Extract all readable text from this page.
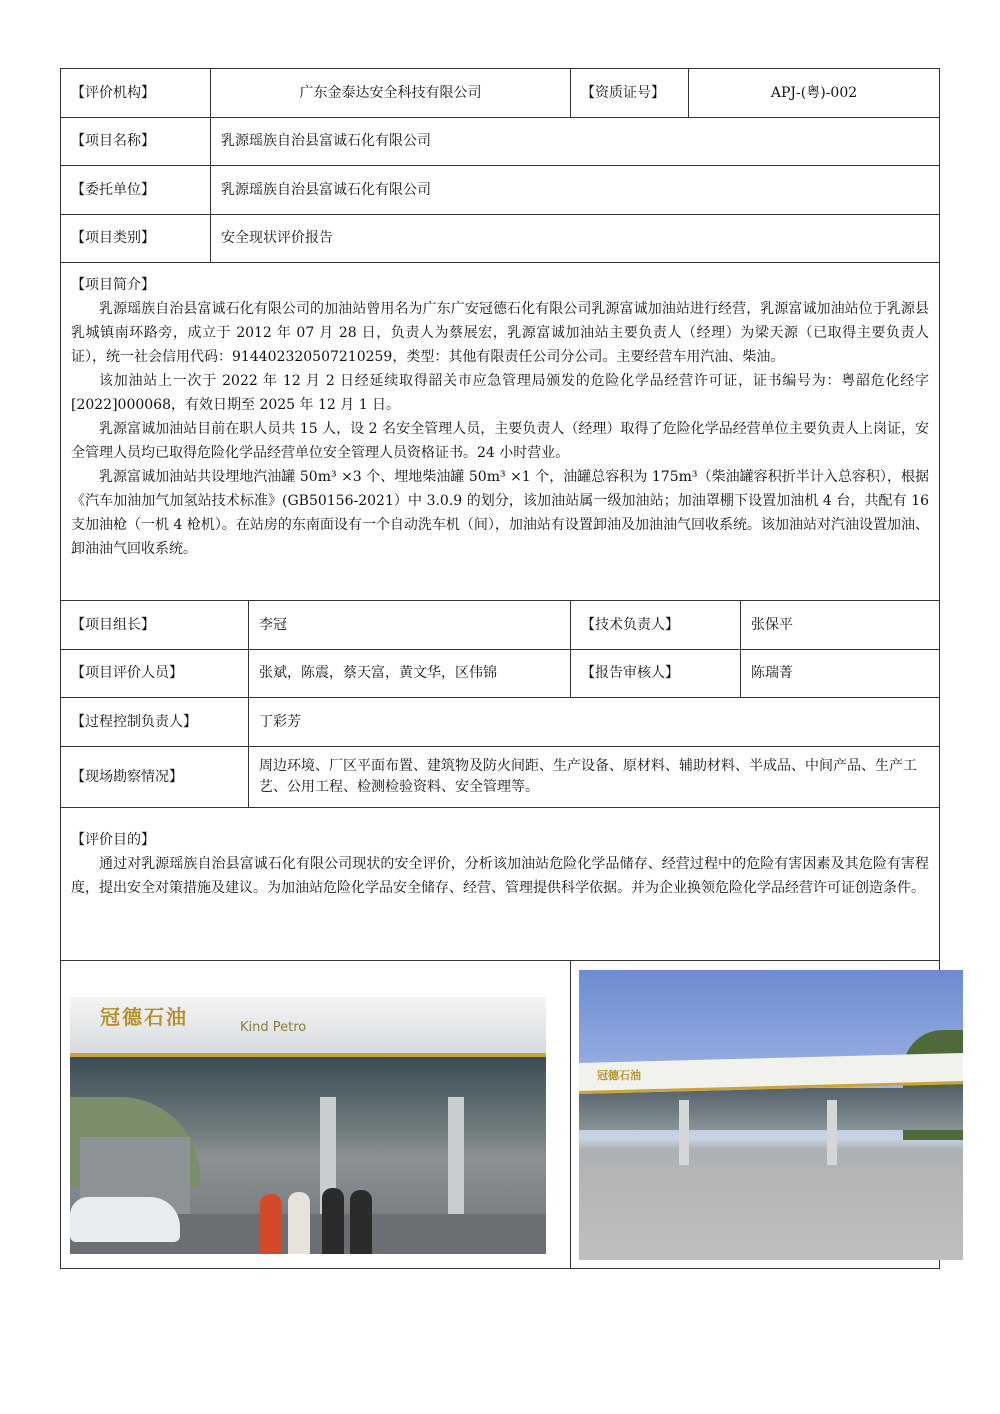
【评价机构】	广东金泰达安全科技有限公司		【资质证号】	APJ-(粤)-002	
【项目名称】	乳源瑶族自治县富诚石化有限公司				
【委托单位】	乳源瑶族自治县富诚石化有限公司				
【项目类别】	安全现状评价报告				

【项目简介】

乳源瑶族自治县富诚石化有限公司的加油站曾用名为广东广安冠德石化有限公司乳源富诚加油站进行经营，乳源富诚加油站位于乳源县乳城镇南环路旁，成立于 2012 年 07 月 28 日，负责人为蔡展宏，乳源富诚加油站主要负责人（经理）为梁天源（已取得主要负责人证），统一社会信用代码：91440232050721025​9，类型：其他有限责任公司分公司。主要经营车用汽油、柴油。

该加油站上一次于 2022 年 12 月 2 日经延续取得韶关市应急管理局颁发的危险化学品经营许可证，证书编号为：粤韶危化经字[2022]000068，有效日期至 2025 年 12 月 1 日。

乳源富诚加油站目前在职人员共 15 人，设 2 名安全管理人员，主要负责人（经理）取得了危险化学品经营单位主要负责人上岗证，安全管理人员均已取得危险化学品经营单位安全管理人员资格证书。24 小时营业。

乳源富诚加油站共设埋地汽油罐 50m³ ×3 个、埋地柴油罐 50m³ ×1 个，油罐总容积为 175m³（柴油罐容积折半计入总容积），根据《汽车加油加气加氢站技术标准》(GB50156-2021）中 3.0.9 的划分，该加油站属一级加油站；加油罩棚下设置加油机 4 台，共配有 16 支加油枪（一机 4 枪机）。在站房的东南面设有一个自动洗车机（间），加油站有设置卸油及加油油气回收系统。该加油站对汽油设置加油、卸油油气回收系统。					

【项目组长】		李冠	【技术负责人】		张保平
【项目评价人员】		张斌，陈震，蔡天富，黄文华，区伟锦	【报告审核人】		陈瑞菁
【过程控制负责人】		丁彩芳			
【现场勘察情况】		周边环境、厂区平面布置、建筑物及防火间距、生产设备、原材料、辅助材料、半成品、中间产品、生产工艺、公用工程、检测检验资料、安全管理等。			

【评价目的】

通过对乳源瑶族自治县富诚石化有限公司现状的安全评价，分析该加油站危险化学品储存、经营过程中的危险有害因素及其危险有害程度，提出安全对策措施及建议。为加油站危险化学品安全储存、经营、管理提供科学依据。并为企业换领危险化学品经营许可证创造条件。					

冠德石油 Kind Petro			冠德石油		
